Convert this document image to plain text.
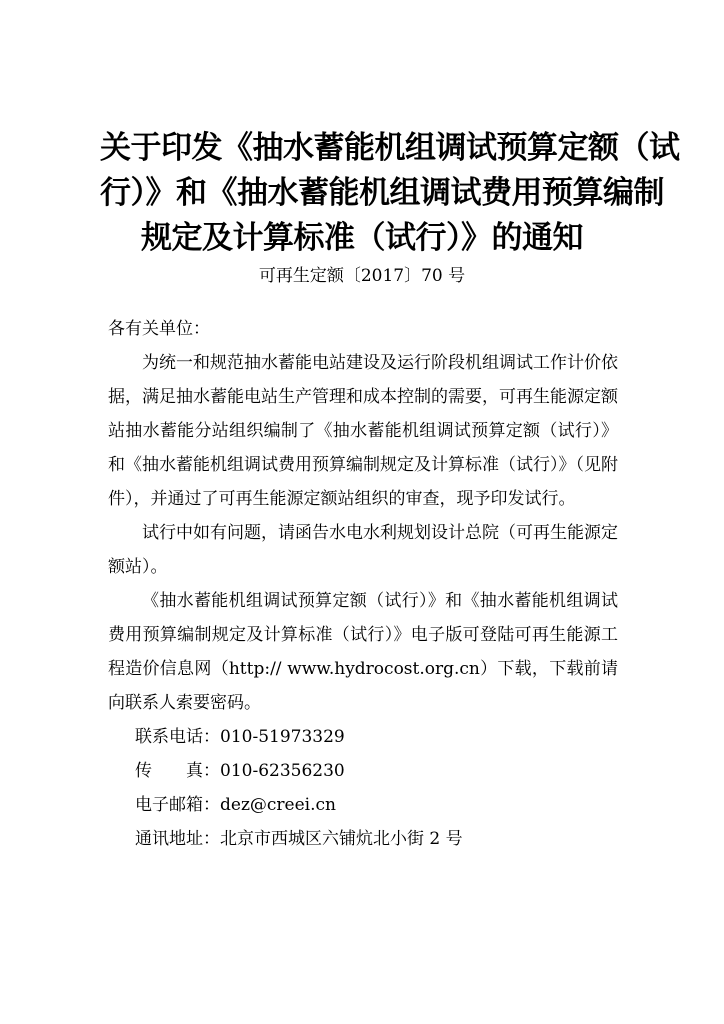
关于印发《抽水蓄能机组调试预算定额（试
行）》和《抽水蓄能机组调试费用预算编制
规定及计算标准（试行）》的通知
可再生定额〔2017〕70 号

各有关单位：

为统一和规范抽水蓄能电站建设及运行阶段机组调试工作计价依据，满足抽水蓄能电站生产管理和成本控制的需要，可再生能源定额站抽水蓄能分站组织编制了《抽水蓄能机组调试预算定额（试行）》和《抽水蓄能机组调试费用预算编制规定及计算标准（试行）》（见附件），并通过了可再生能源定额站组织的审查，现予印发试行。

试行中如有问题，请函告水电水利规划设计总院（可再生能源定额站）。

《抽水蓄能机组调试预算定额（试行）》和《抽水蓄能机组调试费用预算编制规定及计算标准（试行）》电子版可登陆可再生能源工程造价信息网（http:// www.hydrocost.org.cn）下载，下载前请向联系人索要密码。

联系电话：010-51973329

传 真：010-62356230

电子邮箱：dez@creei.cn

通讯地址：北京市西城区六铺炕北小街 2 号
